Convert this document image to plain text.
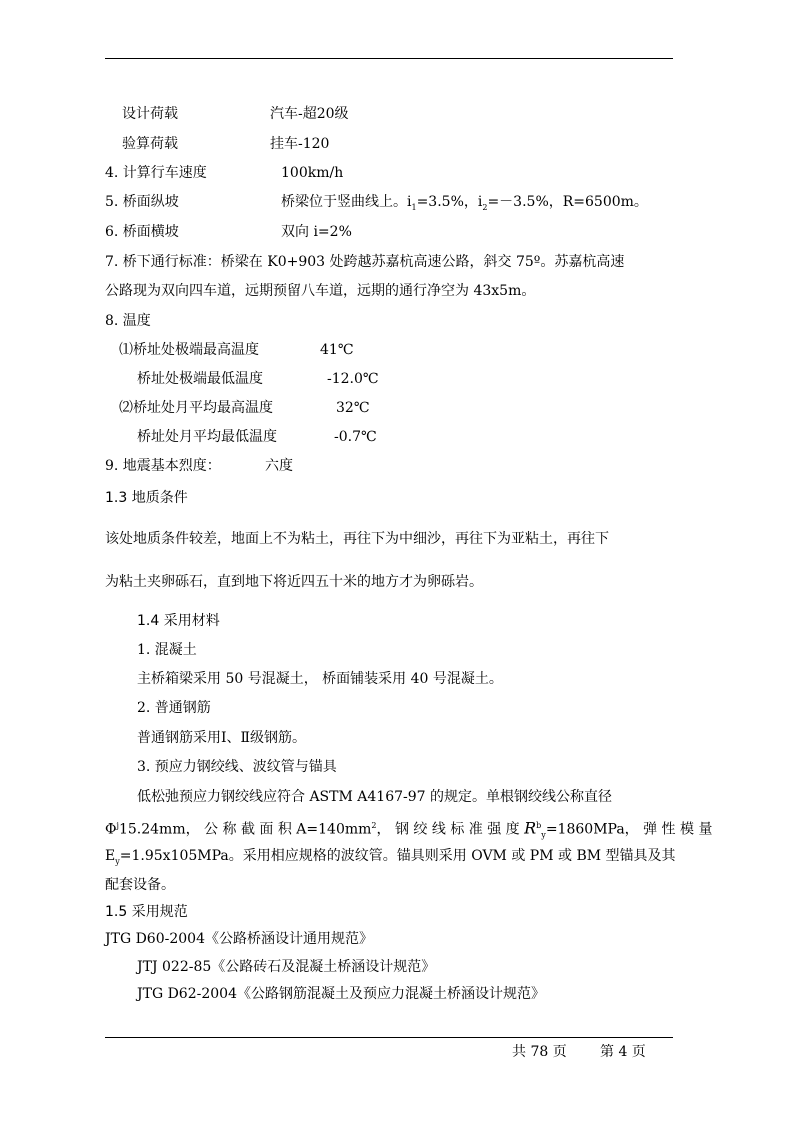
设计荷载	汽车-超20级
验算荷载	挂车-120
4. 计算行车速度	100km/h
5. 桥面纵坡	桥梁位于竖曲线上。$i_1=3.5\%$，$i_2=-3.5\%$，R=6500m。
6. 桥面横坡	双向 i=2%
7. 桥下通行标准：桥梁在 K0+903 处跨越苏嘉杭高速公路，斜交 75º。苏嘉杭高速
公路现为双向四车道，远期预留八车道，远期的通行净空为 43x5m。
8. 温度
⑴桥址处极端最高温度	41℃
桥址处极端最低温度	-12.0℃
⑵桥址处月平均最高温度	32℃
桥址处月平均最低温度	-0.7℃
9. 地震基本烈度：	六度
1.3 地质条件
该处地质条件较差，地面上不为粘土，再往下为中细沙，再往下为亚粘土，再往下
为粘土夹卵砾石，直到地下将近四五十米的地方才为卵砾岩。
1.4 采用材料
1. 混凝土
主桥箱梁采用 50 号混凝土， 桥面铺装采用 40 号混凝土。
2. 普通钢筋
普通钢筋采用Ⅰ、Ⅱ级钢筋。
3. 预应力钢绞线、波纹管与锚具
低松弛预应力钢绞线应符合 ASTM A4167-97 的规定。单根钢绞线公称直径
$\Phi^j15.24mm$， 公 称 截 面 积 $A=140mm^2$， 钢 绞 线 标 准 强 度 $R^b_y=1860MPa$， 弹 性 模 量
$E_y=1.95x105MPa$。采用相应规格的波纹管。锚具则采用 OVM 或 PM 或 BM 型锚具及其
配套设备。
1.5 采用规范
JTG D60-2004《公路桥涵设计通用规范》
JTJ 022-85《公路砖石及混凝土桥涵设计规范》
JTG D62-2004《公路钢筋混凝土及预应力混凝土桥涵设计规范》
共 78 页 第 4 页
